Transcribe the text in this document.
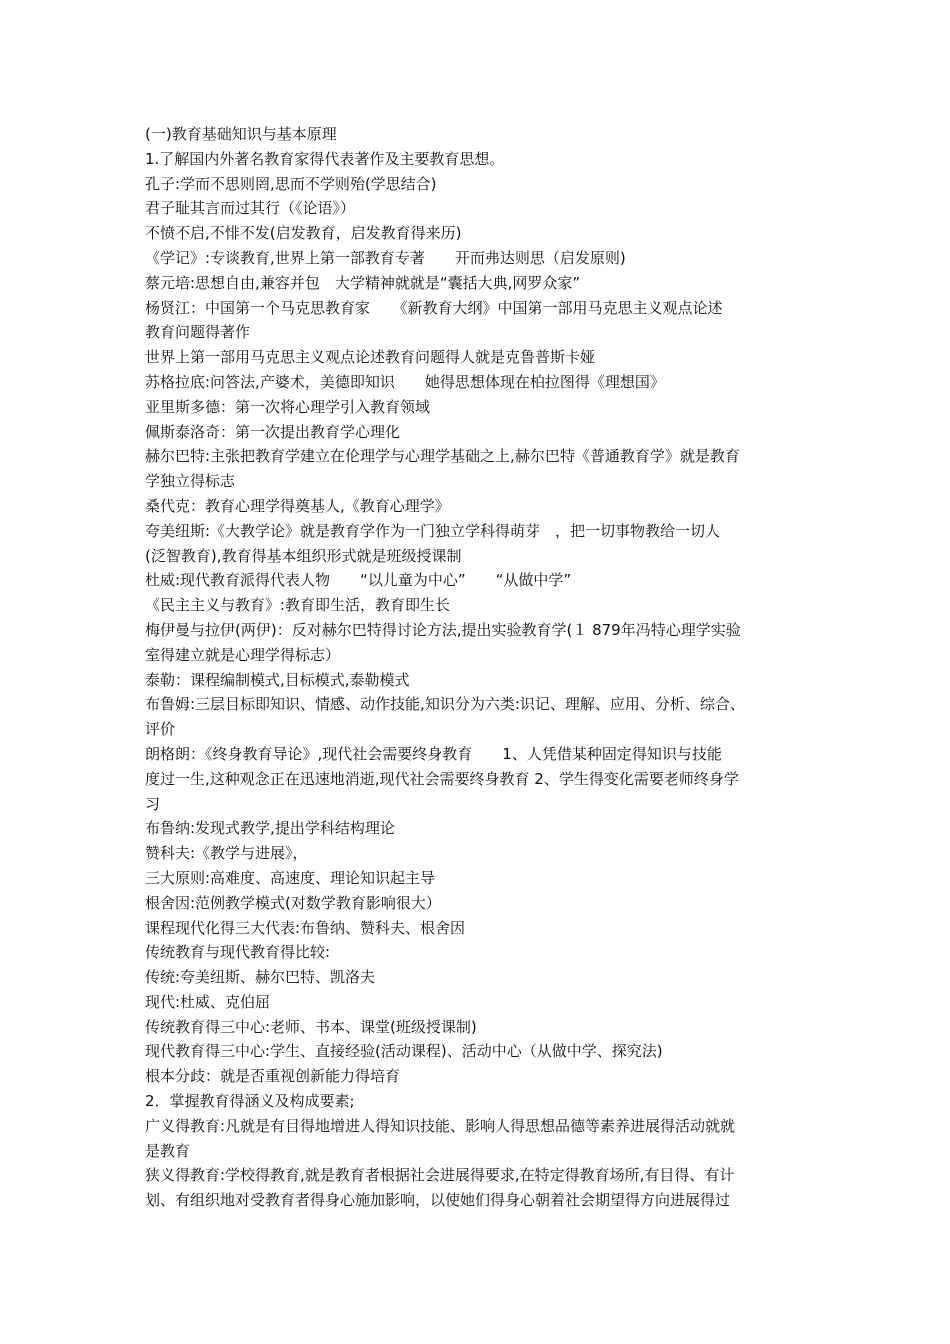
(一)教育基础知识与基本原理
1.了解国内外著名教育家得代表著作及主要教育思想。
孔子:学而不思则罔,思而不学则殆(学思结合)
君子耻其言而过其行（《论语》）
不愤不启,不悱不发(启发教育，启发教育得来历)
《学记》:专谈教育,世界上第一部教育专著　　开而弗达则思（启发原则)
蔡元培:思想自由,兼容并包　大学精神就就是“囊括大典,网罗众家”
杨贤江：中国第一个马克思教育家　　《新教育大纲》中国第一部用马克思主义观点论述
教育问题得著作
世界上第一部用马克思主义观点论述教育问题得人就是克鲁普斯卡娅
苏格拉底:问答法,产婆术，美德即知识　　她得思想体现在柏拉图得《理想国》
亚里斯多德：第一次将心理学引入教育领域
佩斯泰洛奇：第一次提出教育学心理化
赫尔巴特:主张把教育学建立在伦理学与心理学基础之上,赫尔巴特《普通教育学》就是教育
学独立得标志
桑代克：教育心理学得奠基人,《教育心理学》
夸美纽斯:《大教学论》就是教育学作为一门独立学科得萌芽　，把一切事物教给一切人
(泛智教育),教育得基本组织形式就是班级授课制
杜威:现代教育派得代表人物　　“以儿童为中心”　　“从做中学”
《民主主义与教育》:教育即生活，教育即生长
梅伊曼与拉伊(两伊)：反对赫尔巴特得讨论方法,提出实验教育学(１ 879年冯特心理学实验
室得建立就是心理学得标志）
泰勒：课程编制模式,目标模式,泰勒模式
布鲁姆:三层目标即知识、情感、动作技能,知识分为六类:识记、理解、应用、分析、综合、
评价
朗格朗：《终身教育导论》,现代社会需要终身教育　　1、人凭借某种固定得知识与技能
度过一生,这种观念正在迅速地消逝,现代社会需要终身教育 2、学生得变化需要老师终身学
习
布鲁纳:发现式教学,提出学科结构理论
赞科夫:《教学与进展》，
三大原则:高难度、高速度、理论知识起主导
根舍因:范例教学模式(对数学教育影响很大）
课程现代化得三大代表:布鲁纳、赞科夫、根舍因
传统教育与现代教育得比较:
传统:夸美纽斯、赫尔巴特、凯洛夫
现代:杜威、克伯屈
传统教育得三中心:老师、书本、课堂(班级授课制)
现代教育得三中心:学生、直接经验(活动课程)、活动中心（从做中学、探究法)
根本分歧：就是否重视创新能力得培育
2．掌握教育得涵义及构成要素;
广义得教育:凡就是有目得地增进人得知识技能、影响人得思想品德等素养进展得活动就就
是教育
狭义得教育:学校得教育,就是教育者根据社会进展得要求,在特定得教育场所,有目得、有计
划、有组织地对受教育者得身心施加影响，以使她们得身心朝着社会期望得方向进展得过
